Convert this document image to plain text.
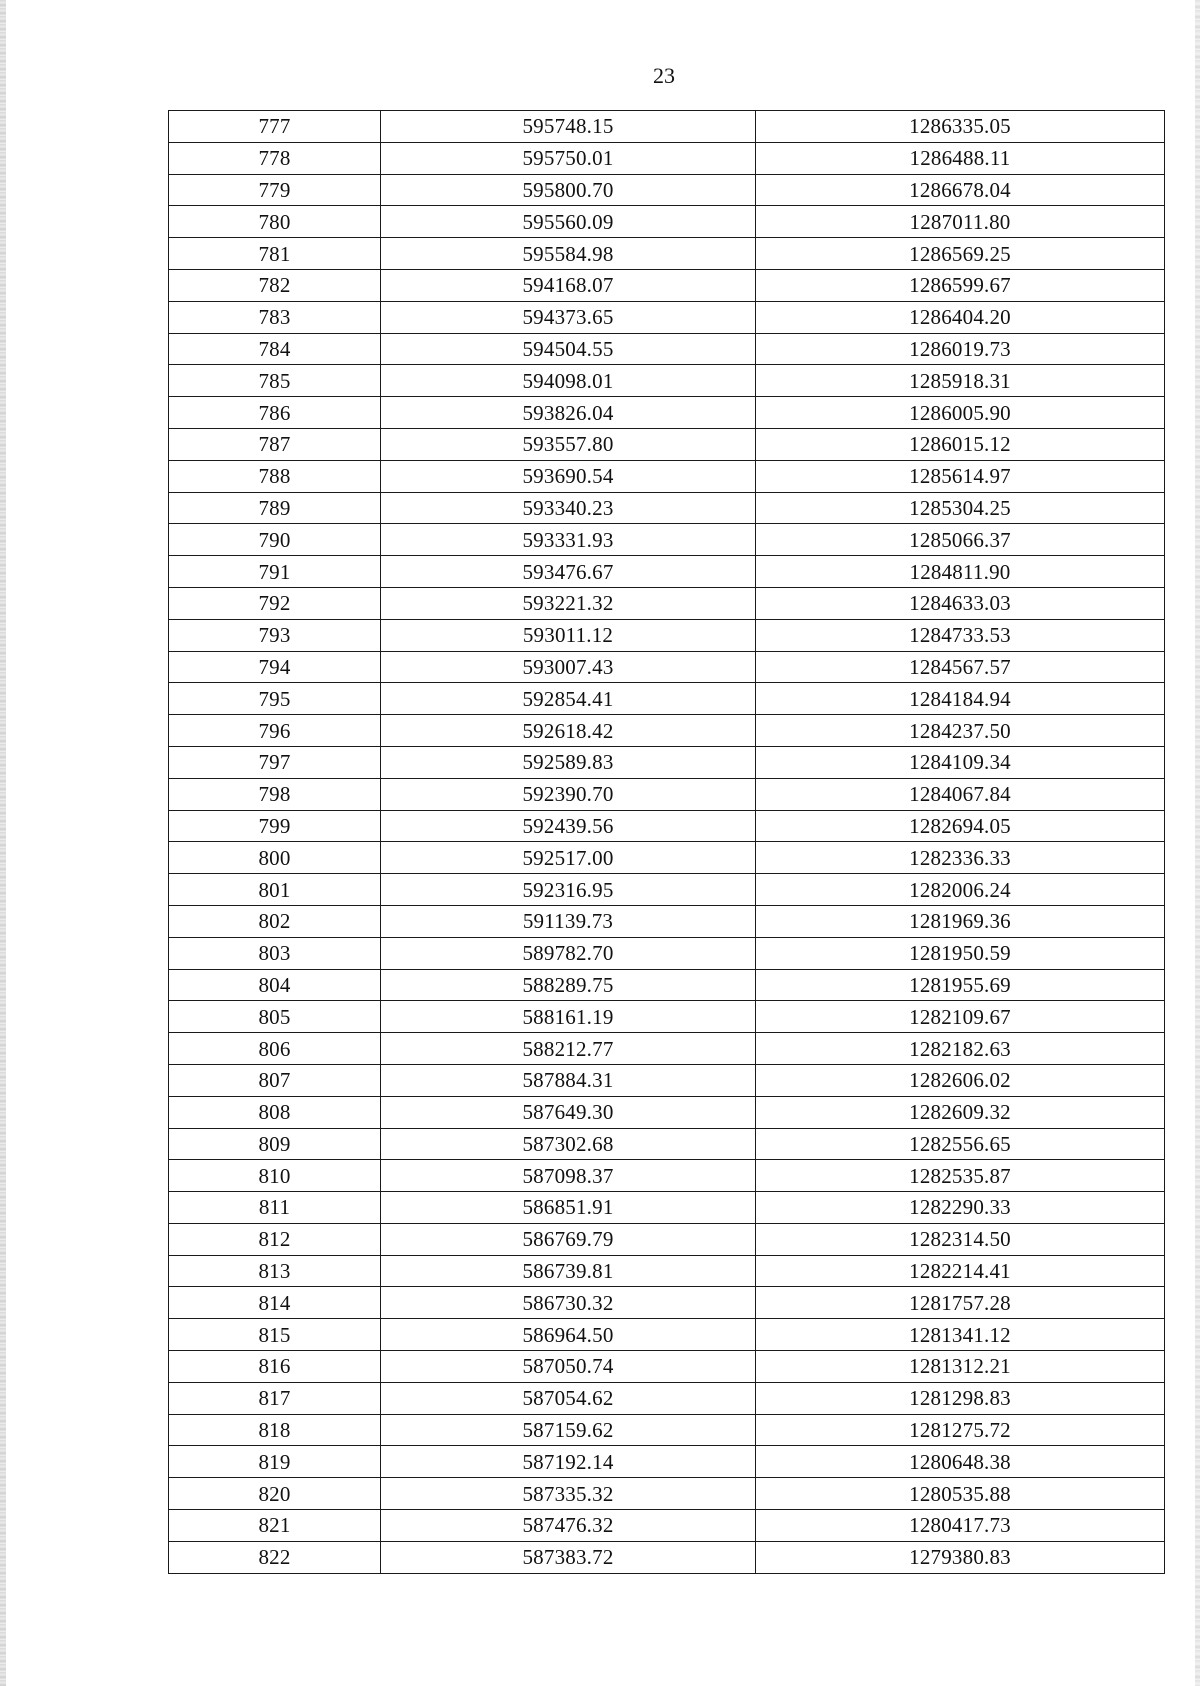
23
777	595748.15	1286335.05
778	595750.01	1286488.11
779	595800.70	1286678.04
780	595560.09	1287011.80
781	595584.98	1286569.25
782	594168.07	1286599.67
783	594373.65	1286404.20
784	594504.55	1286019.73
785	594098.01	1285918.31
786	593826.04	1286005.90
787	593557.80	1286015.12
788	593690.54	1285614.97
789	593340.23	1285304.25
790	593331.93	1285066.37
791	593476.67	1284811.90
792	593221.32	1284633.03
793	593011.12	1284733.53
794	593007.43	1284567.57
795	592854.41	1284184.94
796	592618.42	1284237.50
797	592589.83	1284109.34
798	592390.70	1284067.84
799	592439.56	1282694.05
800	592517.00	1282336.33
801	592316.95	1282006.24
802	591139.73	1281969.36
803	589782.70	1281950.59
804	588289.75	1281955.69
805	588161.19	1282109.67
806	588212.77	1282182.63
807	587884.31	1282606.02
808	587649.30	1282609.32
809	587302.68	1282556.65
810	587098.37	1282535.87
811	586851.91	1282290.33
812	586769.79	1282314.50
813	586739.81	1282214.41
814	586730.32	1281757.28
815	586964.50	1281341.12
816	587050.74	1281312.21
817	587054.62	1281298.83
818	587159.62	1281275.72
819	587192.14	1280648.38
820	587335.32	1280535.88
821	587476.32	1280417.73
822	587383.72	1279380.83
